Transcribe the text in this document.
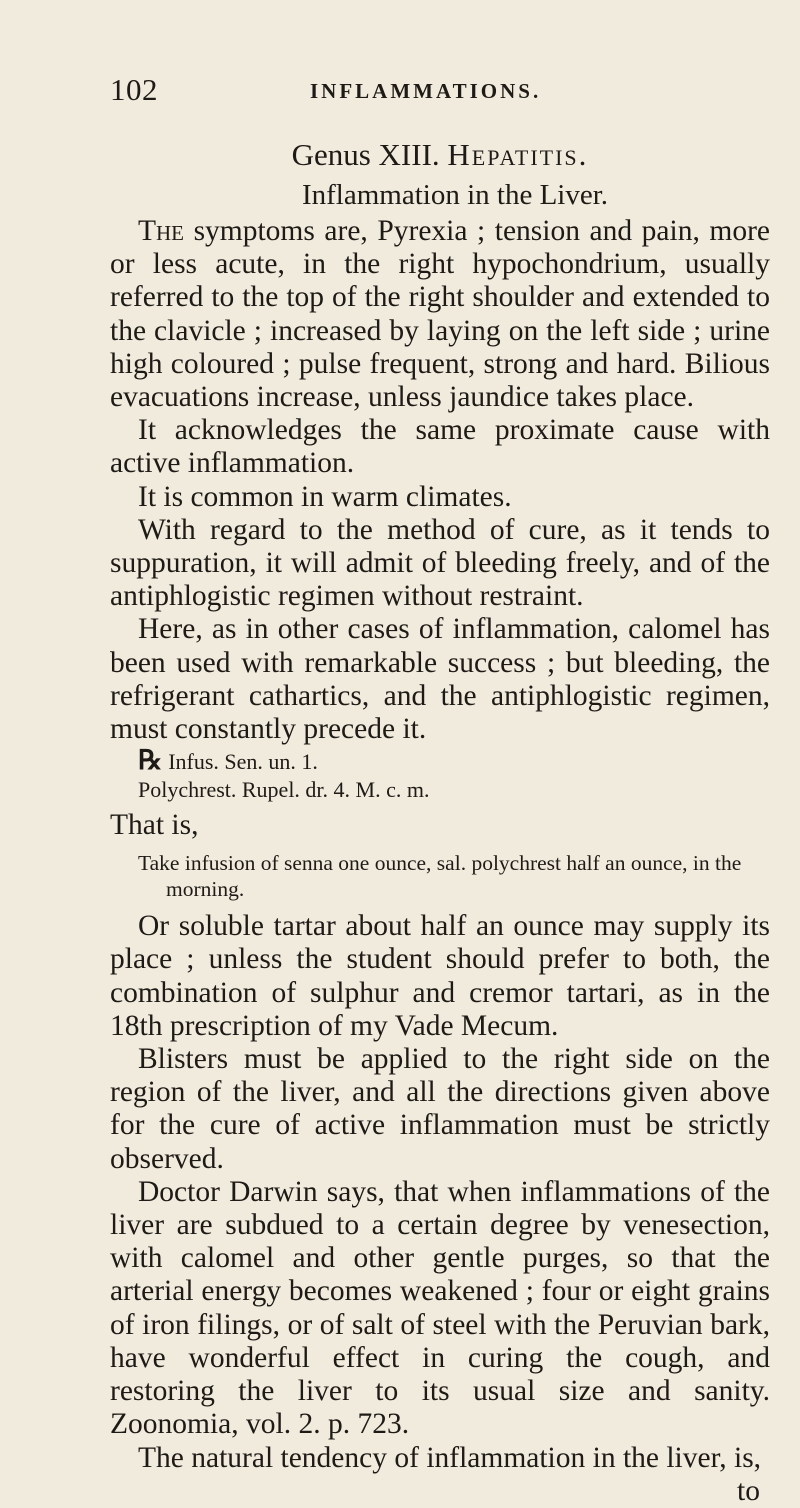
102	INFLAMMATIONS.
Genus XIII. Hepatitis.
Inflammation in the Liver.

The symptoms are, Pyrexia ; tension and pain, more or less acute, in the right hypochondrium, usually referred to the top of the right shoulder and extended to the clavicle ; increased by laying on the left side ; urine high coloured ; pulse frequent, strong and hard. Bilious evacuations increase, unless jaundice takes place.

It acknowledges the same proximate cause with active inflammation.

It is common in warm climates.

With regard to the method of cure, as it tends to suppuration, it will admit of bleeding freely, and of the antiphlogistic regimen without restraint.

Here, as in other cases of inflammation, calomel has been used with remarkable success ; but bleeding, the refrigerant cathartics, and the antiphlogistic regimen, must constantly precede it.

℞ Infus. Sen. un. 1.
Polychrest. Rupel. dr. 4. M. c. m.
That is,
Take infusion of senna one ounce, sal. polychrest half an ounce, in the morning.

Or soluble tartar about half an ounce may supply its place ; unless the student should prefer to both, the combination of sulphur and cremor tartari, as in the 18th prescription of my Vade Mecum.

Blisters must be applied to the right side on the region of the liver, and all the directions given above for the cure of active inflammation must be strictly observed.

Doctor Darwin says, that when inflammations of the liver are subdued to a certain degree by venesection, with calomel and other gentle purges, so that the arterial energy becomes weakened ; four or eight grains of iron filings, or of salt of steel with the Peruvian bark, have wonderful effect in curing the cough, and restoring the liver to its usual size and sanity. Zoonomia, vol. 2. p. 723.

The natural tendency of inflammation in the liver, is,

to
